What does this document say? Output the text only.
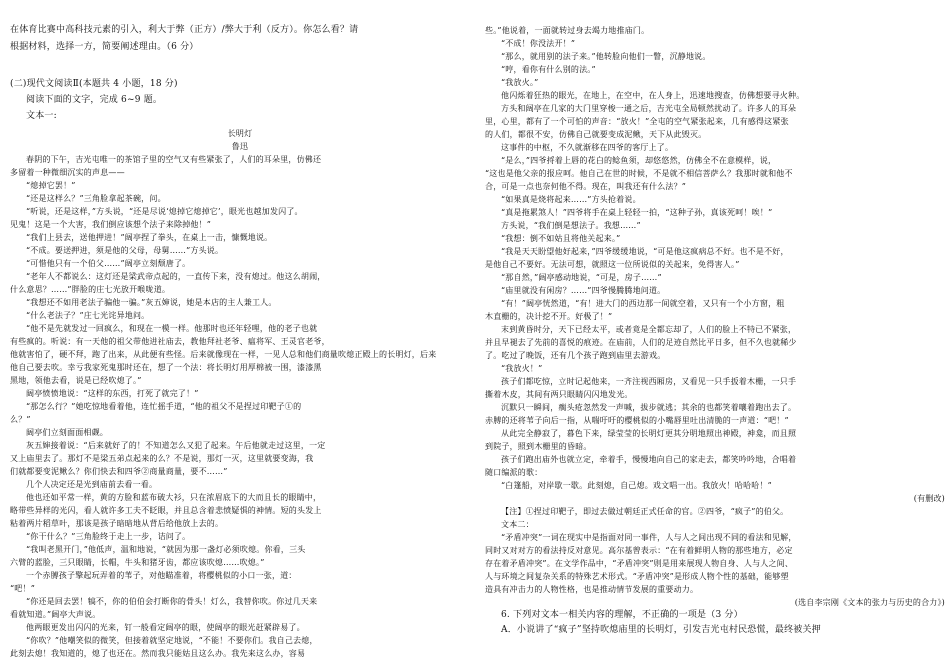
在体育比赛中高科技元素的引入，利大于弊（正方）/弊大于利（反方）。你怎么看？请
根据材料，选择一方，简要阐述理由。（6 分）
(二)现代文阅读Ⅱ(本题共 4 小题，18 分)
阅读下面的文字，完成 6~9 题。
文本一:
长明灯
鲁迅
春阴的下午，吉光屯唯一的茶馆子里的空气又有些紧张了，人们的耳朵里，仿佛还
多留着一种微细沉实的声息——
“熄掉它罢！”
“还是这样么？”三角脸拿起茶碗，问。
“听说，还是这样，”方头说，“还是尽说‘熄掉它熄掉它’，眼光也越加发闪了。
见鬼！这是一个大害，我们倒应该想个法子来除掉他！”
“我们上县去，送他押进！”阔亭捏了拳头，在桌上一击，慷慨地说。
“不成。要送押进，须是他的父母，母舅……”方头说。
“可惜他只有一个伯父……”阔亭立刻颓唐了。
“老年人不都说么：这灯还是梁武帝点起的，一直传下来，没有熄过。他这么胡闹，
什么意思？……”胖脸的庄七光放开喉咙道。
“我想还不如用老法子骗他一骗。”灰五婶说，她是本店的主人兼工人。
“什么老法子？”庄七光诧异地问。
“他不是先就发过一回疯么，和现在一模一样。他那时也还年轻哩，他的老子也就
有些疯的。听说：有一天他的祖父带他进社庙去，教他拜社老爷、瘟将军、王灵官老爷，
他就害怕了，硬不拜，跑了出来，从此便有些怪。后来就像现在一样，一见人总和他们商量吹熄正殿上的长明灯，后来
他自己要去吹。幸亏我家死鬼那时还在，想了一个法：将长明灯用厚棉被一围，漆漆黑
黑地，领他去看，说是已经吹熄了。”
阔亭愤愤地说：“这样的东西，打死了就完了！”
“那怎么行？”她吃惊地看着他，连忙摇手道，“他的祖父不是捏过印靶子①的
么？”
阔亭们立刻面面相觑。
灰五婶接着说：“后来就好了的！不知道怎么又犯了起来。午后他就走过这里，一定
又上庙里去了。那灯不是梁五弟点起来的么？不是说，那灯一灭，这里就要变海，我
们就都要变泥鳅么？你们快去和四爷②商量商量，要不……”
几个人决定还是光到庙前去看一看。
他也还如平常一样，黄的方脸和蓝布破大衫，只在浓眉底下的大而且长的眼睛中，
略带些异样的光闪，看人就许多工夫不眨眼，并且总含着悲愤疑惧的神情。短的头发上
粘着两片稻草叶，那该是孩子暗暗地从背后给他放上去的。
“你干什么？”三角脸终于走上一步，诘问了。
“我叫老黑开门，”他低声，温和地说，“就因为那一盏灯必须吹熄。你看，三头
六臂的蓝脸，三只眼睛，长帽，牛头和猪牙齿，都应该吹熄……吹熄。”
一个赤膊孩子擎起玩弄着的苇子，对他瞄准着，将樱桃似的小口一张，道：
“吧！”
“你还是回去罢！犒不，你的伯伯会打断你的骨头！灯么，我替你吹。你过几天来
看就知道。”阔亭大声说。
他两眼更发出闪闪的光来，钉一般看定阔亭的眼，使阔亭的眼光赶紧辟易了。
“你吹？”他嘲笑似的微笑，但接着就坚定地说，“不能！不要你们。我自己去熄，
此刻去熄！我知道的，熄了也还在。然而我只能姑且这么办。我先来这么办，容易
些。”他说着，一面就转过身去竭力地推庙门。
“不成！你没法开！”
“那么，就用别的法子来。”他转脸向他们一瞥，沉静地说。
“哼，看你有什么别的法。”
“我放火。”
他闪烁着狂热的眼光，在地上，在空中，在人身上，迅速地搜查，仿佛想要寻火种。
方头和阔亭在几家的大门里穿梭一通之后，吉光屯全局顿然扰动了。许多人的耳朵
里，心里，都有了一个可怕的声音：“放火！”全屯的空气紧张起来，几有感得这紧张
的人们，都很不安，仿佛自己就要变成泥鳅，天下从此毁灭。
这事件的中枢，不久就渐移在四爷的客厅上了。
“是么，”四爷捋着上唇的花白的鲶鱼须，却悠悠然，仿佛全不在意模样，说，
“这也是他父亲的报应呵。他自己在世的时候，不是就不相信菩萨么？我那时就和他不
合，可是一点也奈何他不得。现在，叫我还有什么法？”
“如果真是烧将起来……”方头抢着说。
“真是拖累煞人！”四爷将手在桌上轻轻一拍，“这种子孙，真该死呵！唉！”
方头说，“我们倒是想法子。我想……”
“我想：倒不如姑且将他关起来。”
“我是天天盼望他好起来，”四爷缓缓地说，“可是他这疯病总不好。也不是不好，
是他自己不要好。无法可想，就照这一位所说似的关起来，免得害人。”
“那自然，”阔亭感动地说，“可是，房子……”
“庙里就没有闲房？……”四爷慢腾腾地问道。
“有！”阔亭恍然道，“有！进大门的西边那一间就空着，又只有一个小方窗，粗
木直栅的，决计挖不开。好极了！”
末到黄昏时分，天下已经太平，或者竟是全都忘却了，人们的脸上不特已不紧张，
并且早褪去了先前的喜悦的痕迹。在庙前，人们的足迹自然比平日多，但不久也就稀少
了。吃过了晚饭，还有几个孩子跑到庙里去游戏。
“我放火！”
孩子们都吃惊，立时记起他来，一齐注视西厢房，又看见一只手扳着木栅，一只手
撕着木皮，其间有两只眼睛闪闪地发光。
沉默只一瞬间，瘸头疮忽然发一声喊，拔步就逃；其余的也都笑着嚷着跑出去了。
赤膊的还将苇子向后一指，从喘吁吁的樱桃似的小嘴唇里吐出清脆的一声道：“吧！”
从此完全静寂了，暮色下来，绿莹莹的长明灯更其分明地照出神殿，神龛，而且照
到院子，照到木栅里的昏暗。
孩子们跑出庙外也就立定，牵着手，慢慢地向自己的家走去，都笑吟吟地，合唱着
随口编派的歌：
“白篷船，对岸歇一歇。此刻熄，自己熄。戏文唱一出。我放火！哈哈哈！”
(有删改)
【注】①捏过印靶子，即过去做过朝廷正式任命的官。②四爷，“疯子”的伯父。
文本二：
“矛盾冲突”一词在现实中是指面对同一事件，人与人之间出现不同的看法和见解，
同时又对对方的看法持反对意见。高尔基曾表示：“在有着鲜明人物的那些地方，必定
存在着矛盾冲突”。在文学作品中，“矛盾冲突”则是用来展现人物自身、人与人之间、
人与环境之间复杂关系的特殊艺术形式。“矛盾冲突”是形成人物个性的基础，能够塑
造具有冲击力的人物性格，也是推动情节发展的重要动力。
(选自李宗刚《文本的张力与历史的合力》)
6. 下列对文本一相关内容的理解，不正确的一项是（3 分）
A．小说讲了“疯子”坚持吹熄庙里的长明灯，引发吉光屯村民恐慌，最终被关押
